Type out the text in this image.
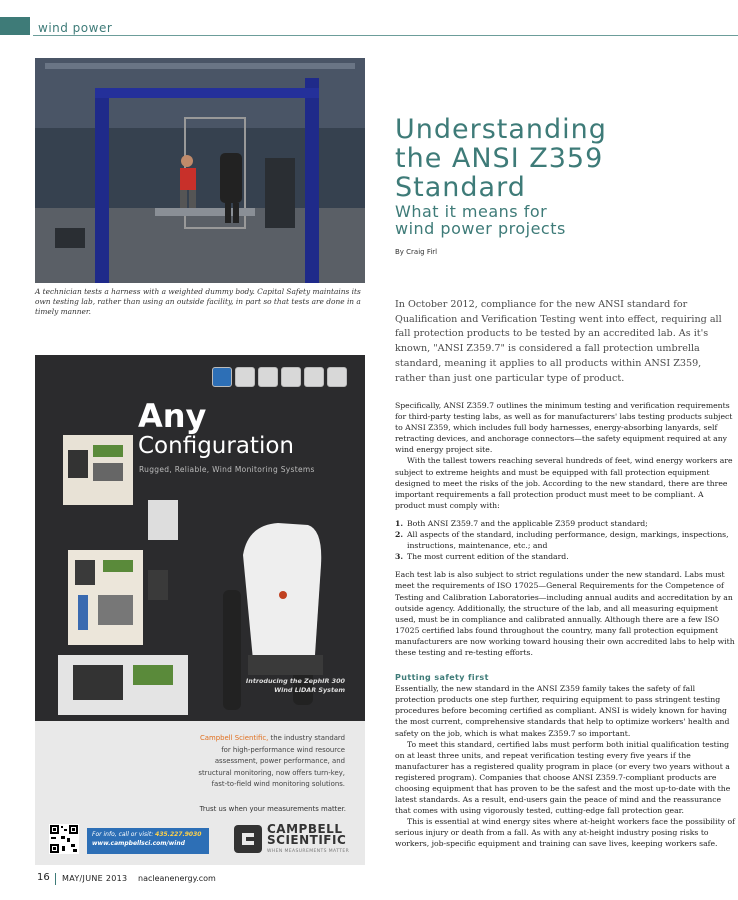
wind power
A technician tests a harness with a weighted dummy body. Capital Safety maintains its own testing lab, rather than using an outside facility, in part so that tests are done in a timely manner.
Understanding
the ANSI Z359
Standard
What it means for
wind power projects
By Craig Firl
In October 2012, compliance for the new ANSI standard for Qualification and Verification Testing went into effect, requiring all fall protection products to be tested by an accredited lab. As it's known, "ANSI Z359.7" is considered a fall protection umbrella standard, meaning it applies to all products within ANSI Z359, rather than just one particular type of product.

Specifically, ANSI Z359.7 outlines the minimum testing and verification requirements for third-party testing labs, as well as for manufacturers' labs testing products subject to ANSI Z359, which includes full body harnesses, energy-absorbing lanyards, self retracting devices, and anchorage connectors—the safety equipment required at any wind energy project site.

With the tallest towers reaching several hundreds of feet, wind energy workers are subject to extreme heights and must be equipped with fall protection equipment designed to meet the risks of the job. According to the new standard, there are three important requirements a fall protection product must meet to be compliant. A product must comply with:

1. Both ANSI Z359.7 and the applicable Z359 product standard;
2. All aspects of the standard, including performance, design, markings, inspections, instructions, maintenance, etc.; and
3. The most current edition of the standard.

Each test lab is also subject to strict regulations under the new standard. Labs must meet the requirements of ISO 17025—General Requirements for the Competence of Testing and Calibration Laboratories—including annual audits and accreditation by an outside agency. Additionally, the structure of the lab, and all measuring equipment used, must be in compliance and calibrated annually. Although there are a few ISO 17025 certified labs found throughout the country, many fall protection equipment manufacturers are now working toward housing their own accredited labs to help with these testing and re-testing efforts.

Putting safety first

Essentially, the new standard in the ANSI Z359 family takes the safety of fall protection products one step further, requiring equipment to pass stringent testing procedures before becoming certified as compliant. ANSI is widely known for having the most current, comprehensive standards that help to optimize workers' health and safety on the job, which is what makes Z359.7 so important.

To meet this standard, certified labs must perform both initial qualification testing on at least three units, and repeat verification testing every five years if the manufacturer has a registered quality program in place (or every two years without a registered program). Companies that choose ANSI Z359.7-compliant products are choosing equipment that has proven to be the safest and the most up-to-date with the latest standards. As a result, end-users gain the peace of mind and the reassurance that comes with using vigorously tested, cutting-edge fall protection gear.

This is essential at wind energy sites where at-height workers face the possibility of serious injury or death from a fall. As with any at-height industry posing risks to workers, job-specific equipment and training can save lives, keeping workers safe.

Any
Configuration
Rugged, Reliable, Wind Monitoring Systems
Introducing the ZephIR 300
Wind LiDAR System
Campbell Scientific, the industry standard for high-performance wind resource assessment, power performance, and structural monitoring, now offers turn-key, fast-to-field wind monitoring solutions.
Trust us when your measurements matter.
For info, call or visit: 435.227.9030
www.campbellsci.com/wind
CAMPBELL
SCIENTIFIC
WHEN MEASUREMENTS MATTER
16 MAY/JUNE 2013 nacleanenergy.com
